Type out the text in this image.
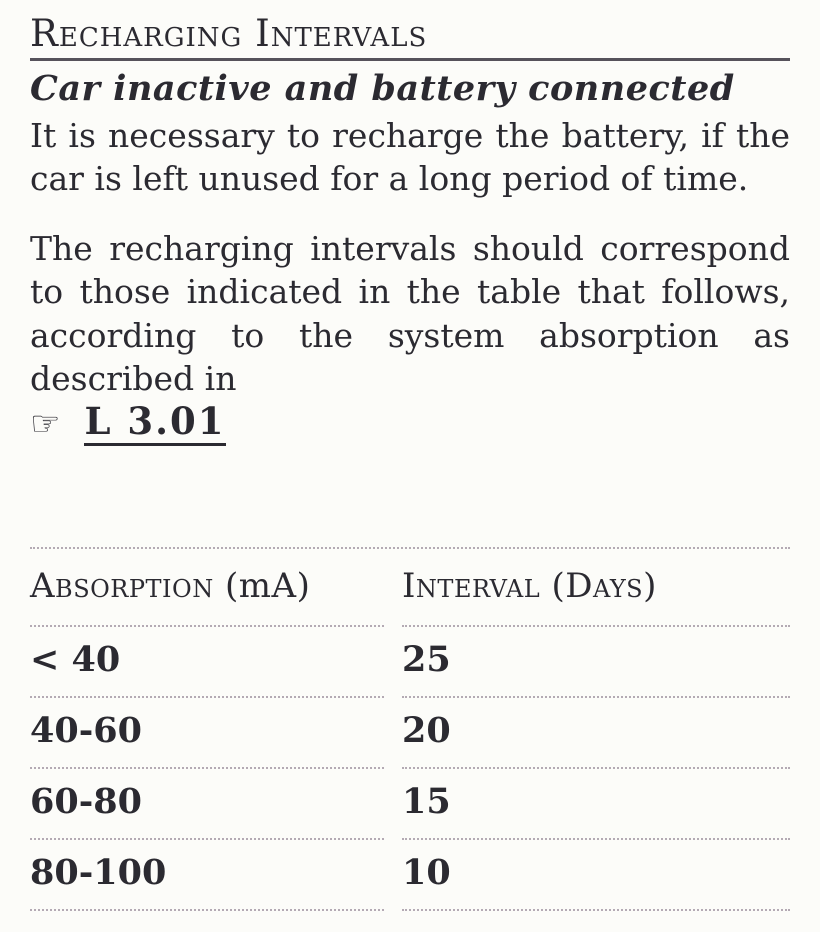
Recharging Intervals
Car inactive and battery connected

It is necessary to recharge the battery, if the car is left unused for a long period of time.

The recharging intervals should correspond to those indicated in the table that follows, according to the system absorption as described in

☞ L 3.01
Absorption (mA)	Interval (Days)
< 40	25
40-60	20
60-80	15
80-100	10
